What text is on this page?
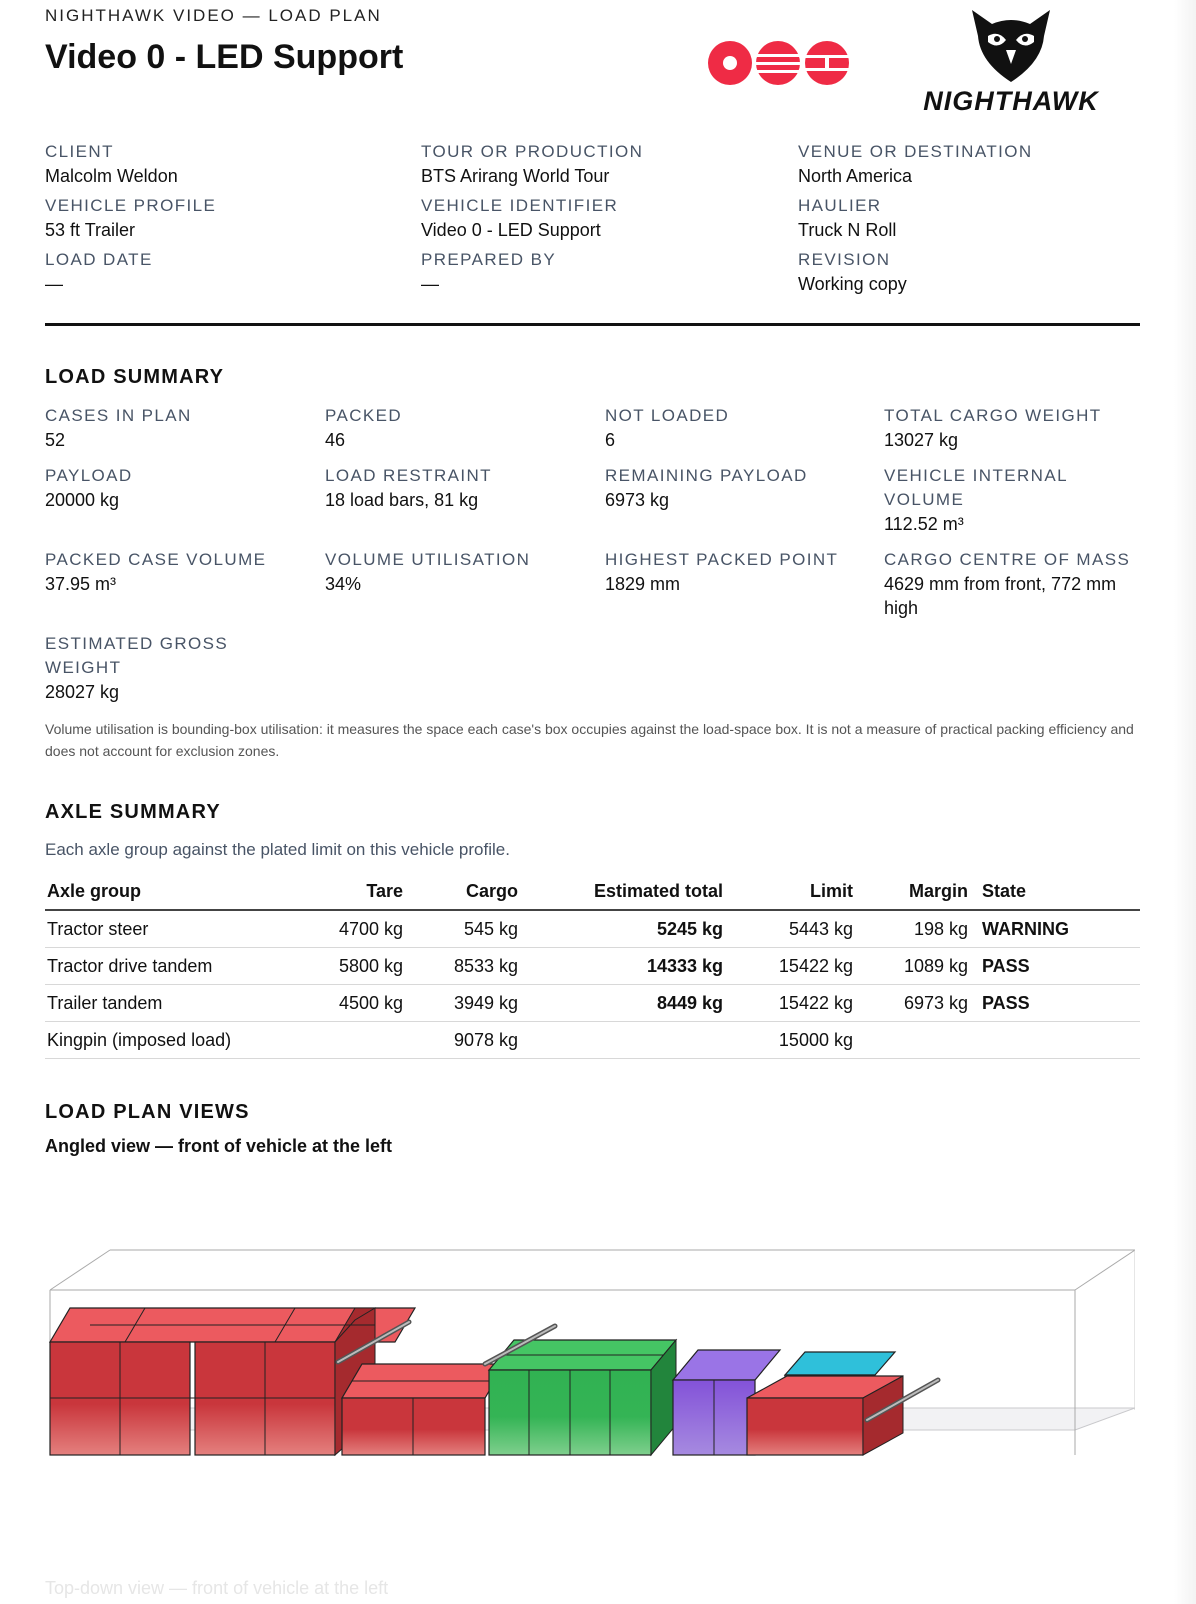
NIGHTHAWK VIDEO — LOAD PLAN
Video 0 - LED Support
NIGHTHAWK
CLIENT
Malcolm Weldon
TOUR OR PRODUCTION
BTS Arirang World Tour
VENUE OR DESTINATION
North America
VEHICLE PROFILE
53 ft Trailer
VEHICLE IDENTIFIER
Video 0 - LED Support
HAULIER
Truck N Roll
LOAD DATE
—
PREPARED BY
—
REVISION
Working copy
LOAD SUMMARY
CASES IN PLAN
52
PACKED
46
NOT LOADED
6
TOTAL CARGO WEIGHT
13027 kg
PAYLOAD
20000 kg
LOAD RESTRAINT
18 load bars, 81 kg
REMAINING PAYLOAD
6973 kg
VEHICLE INTERNAL VOLUME
112.52 m³
PACKED CASE VOLUME
37.95 m³
VOLUME UTILISATION
34%
HIGHEST PACKED POINT
1829 mm
CARGO CENTRE OF MASS
4629 mm from front, 772 mm high
ESTIMATED GROSS WEIGHT
28027 kg
Volume utilisation is bounding-box utilisation: it measures the space each case's box occupies against the load-space box. It is not a measure of practical packing efficiency and does not account for exclusion zones.
AXLE SUMMARY
Each axle group against the plated limit on this vehicle profile.
Axle group	Tare	Cargo	Estimated total	Limit	Margin	State
Tractor steer	4700 kg	545 kg	5245 kg	5443 kg	198 kg	WARNING
Tractor drive tandem	5800 kg	8533 kg	14333 kg	15422 kg	1089 kg	PASS
Trailer tandem	4500 kg	3949 kg	8449 kg	15422 kg	6973 kg	PASS
Kingpin (imposed load)		9078 kg		15000 kg		
LOAD PLAN VIEWS
Angled view — front of vehicle at the left
Top-down view — front of vehicle at the left
